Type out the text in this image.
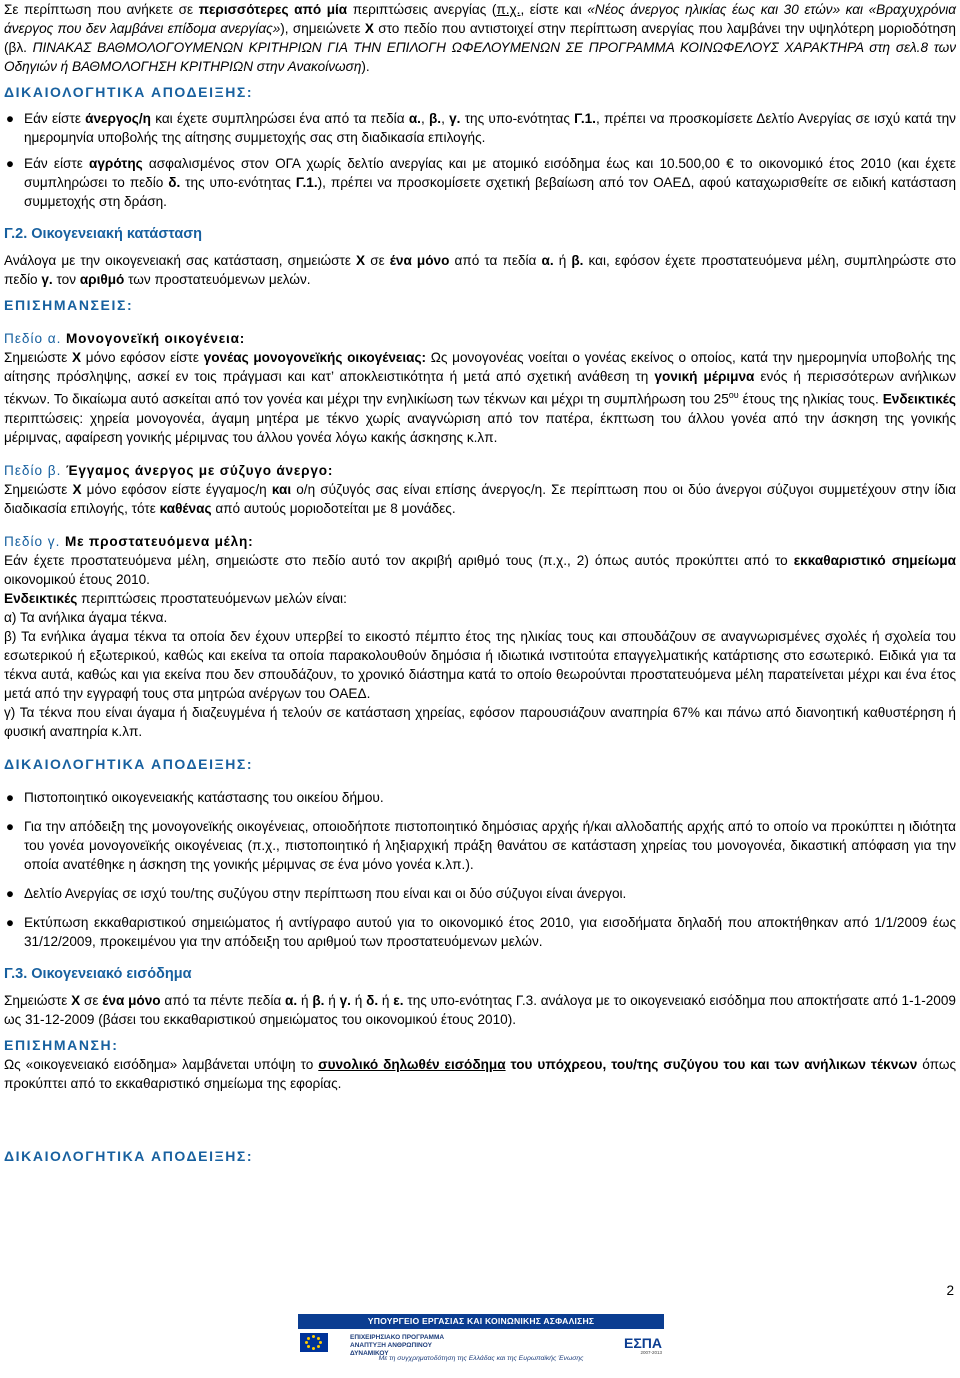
Σε περίπτωση που ανήκετε σε περισσότερες από μία περιπτώσεις ανεργίας (π.χ., είστε και «Νέος άνεργος ηλικίας έως και 30 ετών» και «Βραχυχρόνια άνεργος που δεν λαμβάνει επίδομα ανεργίας»), σημειώνετε Χ στο πεδίο που αντιστοιχεί στην περίπτωση ανεργίας που λαμβάνει την υψηλότερη μοριοδότηση (βλ. ΠΙΝΑΚΑΣ ΒΑΘΜΟΛΟΓΟΥΜΕΝΩΝ ΚΡΙΤΗΡΙΩΝ ΓΙΑ ΤΗΝ ΕΠΙΛΟΓΗ ΩΦΕΛΟΥΜΕΝΩΝ ΣΕ ΠΡΟΓΡΑΜΜΑ ΚΟΙΝΩΦΕΛΟΥΣ ΧΑΡΑΚΤΗΡΑ στη σελ.8 των Οδηγιών ή ΒΑΘΜΟΛΟΓΗΣΗ ΚΡΙΤΗΡΙΩΝ στην Ανακοίνωση).

ΔΙΚΑΙΟΛΟΓΗΤΙΚΑ ΑΠΟΔΕΙΞΗΣ:
● Εάν είστε άνεργος/η και έχετε συμπληρώσει ένα από τα πεδία α., β., γ. της υπο-ενότητας Γ.1., πρέπει να προσκομίσετε Δελτίο Ανεργίας σε ισχύ κατά την ημερομηνία υποβολής της αίτησης συμμετοχής σας στη διαδικασία επιλογής.
● Εάν είστε αγρότης ασφαλισμένος στον ΟΓΑ χωρίς δελτίο ανεργίας και με ατομικό εισόδημα έως και 10.500,00 € το οικονομικό έτος 2010 (και έχετε συμπληρώσει το πεδίο δ. της υπο-ενότητας Γ.1.), πρέπει να προσκομίσετε σχετική βεβαίωση από τον ΟΑΕΔ, αφού καταχωρισθείτε σε ειδική κατάσταση συμμετοχής στη δράση.
Γ.2. Οικογενειακή κατάσταση

Ανάλογα με την οικογενειακή σας κατάσταση, σημειώστε Χ σε ένα μόνο από τα πεδία α. ή β. και, εφόσον έχετε προστατευόμενα μέλη, συμπληρώστε στο πεδίο γ. τον αριθμό των προστατευόμενων μελών.

ΕΠΙΣΗΜΑΝΣΕΙΣ:
Πεδίο α. Μονογονεϊκή οικογένεια:

Σημειώστε Χ μόνο εφόσον είστε γονέας μονογονεϊκής οικογένειας: Ως μονογονέας νοείται ο γονέας εκείνος ο οποίος, κατά την ημερομηνία υποβολής της αίτησης πρόσληψης, ασκεί εν τοις πράγμασι και κατ’ αποκλειστικότητα ή μετά από σχετική ανάθεση τη γονική μέριμνα ενός ή περισσότερων ανήλικων τέκνων. Το δικαίωμα αυτό ασκείται από τον γονέα και μέχρι την ενηλικίωση των τέκνων και μέχρι τη συμπλήρωση του $25^{o\upsilon}$ έτους της ηλικίας τους. Ενδεικτικές περιπτώσεις: χηρεία μονογονέα, άγαμη μητέρα με τέκνο χωρίς αναγνώριση από τον πατέρα, έκπτωση του άλλου γονέα από την άσκηση της γονικής μέριμνας, αφαίρεση γονικής μέριμνας του άλλου γονέα λόγω κακής άσκησης κ.λπ.

Πεδίο β. Έγγαμος άνεργος με σύζυγο άνεργο:

Σημειώστε Χ μόνο εφόσον είστε έγγαμος/η και ο/η σύζυγός σας είναι επίσης άνεργος/η. Σε περίπτωση που οι δύο άνεργοι σύζυγοι συμμετέχουν στην ίδια διαδικασία επιλογής, τότε καθένας από αυτούς μοριοδοτείται με 8 μονάδες.

Πεδίο γ. Με προστατευόμενα μέλη:

Εάν έχετε προστατευόμενα μέλη, σημειώστε στο πεδίο αυτό τον ακριβή αριθμό τους (π.χ., 2) όπως αυτός προκύπτει από το εκκαθαριστικό σημείωμα οικονομικού έτους 2010.

Ενδεικτικές περιπτώσεις προστατευόμενων μελών είναι:

α) Τα ανήλικα άγαμα τέκνα.

β) Τα ενήλικα άγαμα τέκνα τα οποία δεν έχουν υπερβεί το εικοστό πέμπτο έτος της ηλικίας τους και σπουδάζουν σε αναγνωρισμένες σχολές ή σχολεία του εσωτερικού ή εξωτερικού, καθώς και εκείνα τα οποία παρακολουθούν δημόσια ή ιδιωτικά ινστιτούτα επαγγελματικής κατάρτισης στο εσωτερικό. Ειδικά για τα τέκνα αυτά, καθώς και για εκείνα που δεν σπουδάζουν, το χρονικό διάστημα κατά το οποίο θεωρούνται προστατευόμενα μέλη παρατείνεται μέχρι και ένα έτος μετά από την εγγραφή τους στα μητρώα ανέργων του ΟΑΕΔ.

γ) Τα τέκνα που είναι άγαμα ή διαζευγμένα ή τελούν σε κατάσταση χηρείας, εφόσον παρουσιάζουν αναπηρία 67% και πάνω από διανοητική καθυστέρηση ή φυσική αναπηρία κ.λπ.

ΔΙΚΑΙΟΛΟΓΗΤΙΚΑ ΑΠΟΔΕΙΞΗΣ:
● Πιστοποιητικό οικογενειακής κατάστασης του οικείου δήμου.
● Για την απόδειξη της μονογονεϊκής οικογένειας, οποιοδήποτε πιστοποιητικό δημόσιας αρχής ή/και αλλοδαπής αρχής από το οποίο να προκύπτει η ιδιότητα του γονέα μονογονεϊκής οικογένειας (π.χ., πιστοποιητικό ή ληξιαρχική πράξη θανάτου σε κατάσταση χηρείας του μονογονέα, δικαστική απόφαση για την οποία ανατέθηκε η άσκηση της γονικής μέριμνας σε ένα μόνο γονέα κ.λπ.).
● Δελτίο Ανεργίας σε ισχύ του/της συζύγου στην περίπτωση που είναι και οι δύο σύζυγοι είναι άνεργοι.
● Εκτύπωση εκκαθαριστικού σημειώματος ή αντίγραφο αυτού για το οικονομικό έτος 2010, για εισοδήματα δηλαδή που αποκτήθηκαν από 1/1/2009 έως 31/12/2009, προκειμένου για την απόδειξη του αριθμού των προστατευόμενων μελών.
Γ.3. Οικογενειακό εισόδημα

Σημειώστε Χ σε ένα μόνο από τα πέντε πεδία α. ή β. ή γ. ή δ. ή ε. της υπο-ενότητας Γ.3. ανάλογα με το οικογενειακό εισόδημα που αποκτήσατε από 1-1-2009 ως 31-12-2009 (βάσει του εκκαθαριστικού σημειώματος του οικονομικού έτους 2010).

ΕΠΙΣΗΜΑΝΣΗ:

Ως «οικογενειακό εισόδημα» λαμβάνεται υπόψη το συνολικό δηλωθέν εισόδημα του υπόχρεου, του/της συζύγου του και των ανήλικων τέκνων όπως προκύπτει από το εκκαθαριστικό σημείωμα της εφορίας.

ΔΙΚΑΙΟΛΟΓΗΤΙΚΑ ΑΠΟΔΕΙΞΗΣ:
2
ΥΠΟΥΡΓΕΙΟ ΕΡΓΑΣΙΑΣ ΚΑΙ ΚΟΙΝΩΝΙΚΗΣ ΑΣΦΑΛΙΣΗΣ
ΕΠΙΧΕΙΡΗΣΙΑΚΟ ΠΡΟΓΡΑΜΜΑ
ΑΝΑΠΤΥΞΗ ΑΝΘΡΩΠΙΝΟΥ ΔΥΝΑΜΙΚΟΥ
ΕΣΠΑ
2007-2013
Με τη συγχρηματοδότηση της Ελλάδας και της Ευρωπαϊκής Ένωσης
